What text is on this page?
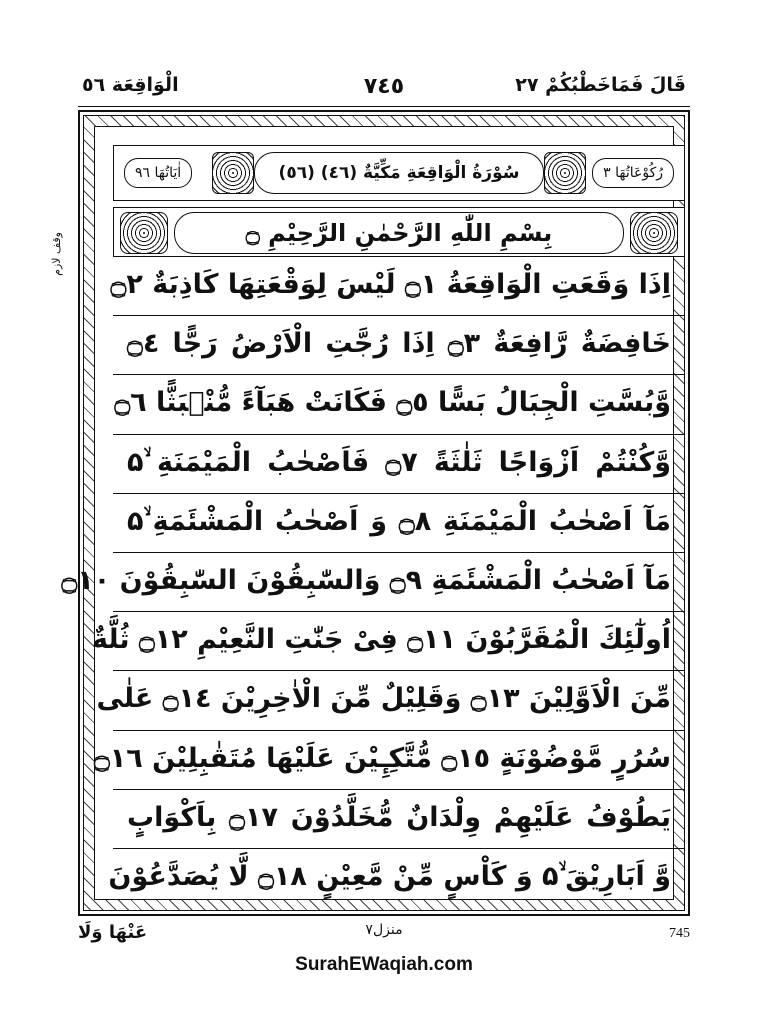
الْوَاقِعَة ٥٦	٧٤٥	قَالَ فَمَاخَطْبُكُمْ ٢٧
وقف لازم
اٰيَاتُهَا ٩٦	(٥٦) سُوْرَةُ الْوَاقِعَةِ مَكِّيَّةٌ (٤٦)	رُكُوْعَاتُهَا ٣
بِسْمِ اللّٰهِ الرَّحْمٰنِ الرَّحِيْمِ ۝
اِذَا وَقَعَتِ الْوَاقِعَةُ ۝١ لَيْسَ لِوَقْعَتِهَا كَاذِبَةٌ ۝٢
خَافِضَةٌ رَّافِعَةٌ ۝٣ اِذَا رُجَّتِ الْاَرْضُ رَجًّا ۝٤
وَّبُسَّتِ الْجِبَالُ بَسًّا ۝٥ فَكَانَتْ هَبَآءً مُّنْۢبَثًّا ۝٦
وَّكُنْتُمْ اَزْوَاجًا ثَلٰثَةً ۝٧ فَاَصْحٰبُ الْمَيْمَنَةِ ۙ۵
مَآ اَصْحٰبُ الْمَيْمَنَةِ ۝٨ وَ اَصْحٰبُ الْمَشْئَمَةِ ۙ۵
مَآ اَصْحٰبُ الْمَشْئَمَةِ ۝٩ وَالسّٰبِقُوْنَ السّٰبِقُوْنَ ۝١٠
اُولٰٓئِكَ الْمُقَرَّبُوْنَ ۝١١ فِىْ جَنّٰتِ النَّعِيْمِ ۝١٢ ثُلَّةٌ
مِّنَ الْاَوَّلِيْنَ ۝١٣ وَقَلِيْلٌ مِّنَ الْاٰخِرِيْنَ ۝١٤ عَلٰى
سُرُرٍ مَّوْضُوْنَةٍ ۝١٥ مُّتَّكِـِٕيْنَ عَلَيْهَا مُتَقٰبِلِيْنَ ۝١٦
يَطُوْفُ عَلَيْهِمْ وِلْدَانٌ مُّخَلَّدُوْنَ ۝١٧ بِاَكْوَابٍ
وَّ اَبَارِيْقَ ۙ۵ وَ كَاْسٍ مِّنْ مَّعِيْنٍ ۝١٨ لَّا يُصَدَّعُوْنَ
عَنْهَا وَلَا	منزل٧	745
SurahEWaqiah.com
